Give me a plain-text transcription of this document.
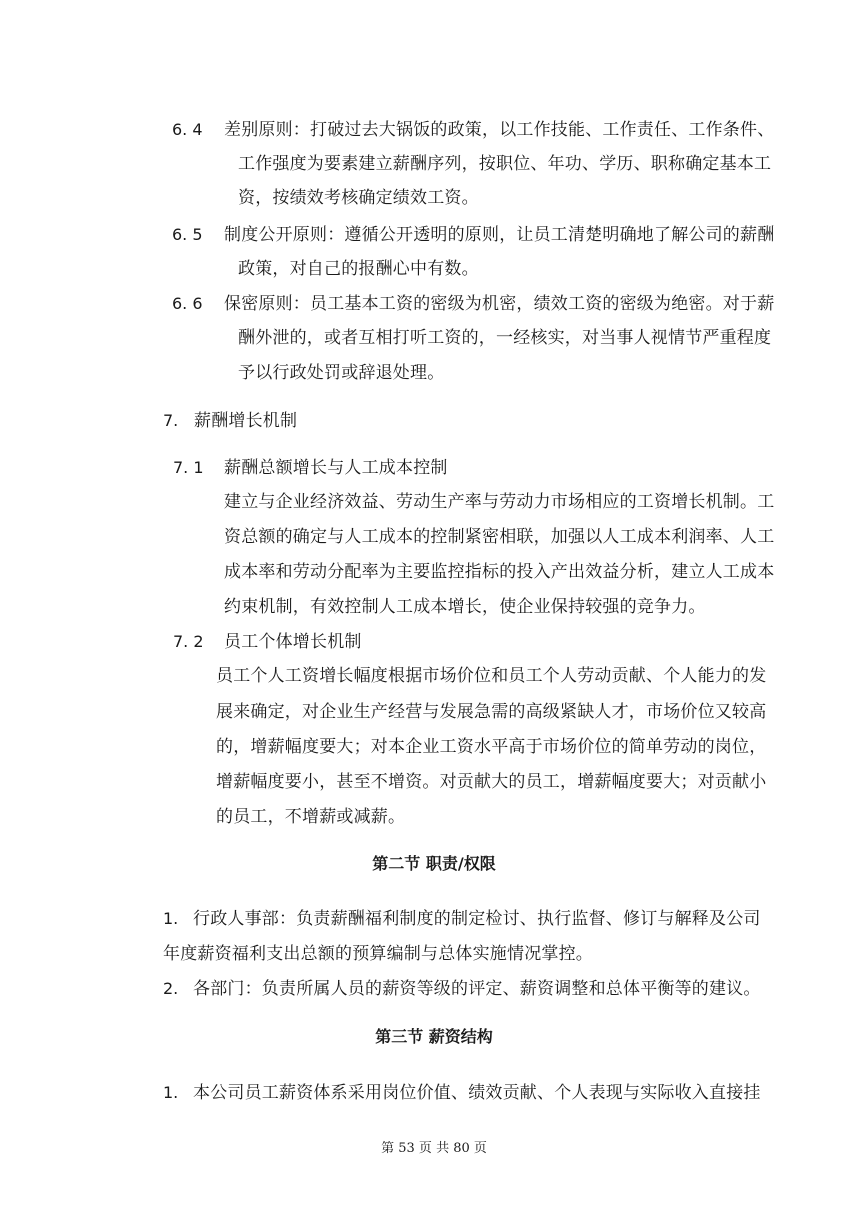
6. 4 差别原则：打破过去大锅饭的政策，以工作技能、工作责任、工作条件、
工作强度为要素建立薪酬序列，按职位、年功、学历、职称确定基本工
资，按绩效考核确定绩效工资。
6. 5 制度公开原则：遵循公开透明的原则，让员工清楚明确地了解公司的薪酬
政策，对自己的报酬心中有数。
6. 6 保密原则：员工基本工资的密级为机密，绩效工资的密级为绝密。对于薪
酬外泄的，或者互相打听工资的，一经核实，对当事人视情节严重程度
予以行政处罚或辞退处理。
7. 薪酬增长机制
7. 1 薪酬总额增长与人工成本控制
建立与企业经济效益、劳动生产率与劳动力市场相应的工资增长机制。工
资总额的确定与人工成本的控制紧密相联，加强以人工成本利润率、人工
成本率和劳动分配率为主要监控指标的投入产出效益分析，建立人工成本
约束机制，有效控制人工成本增长，使企业保持较强的竞争力。
7. 2 员工个体增长机制
员工个人工资增长幅度根据市场价位和员工个人劳动贡献、个人能力的发
展来确定，对企业生产经营与发展急需的高级紧缺人才，市场价位又较高
的，增薪幅度要大；对本企业工资水平高于市场价位的简单劳动的岗位，
增薪幅度要小，甚至不增资。对贡献大的员工，增薪幅度要大；对贡献小
的员工，不增薪或减薪。
第二节 职责/权限
1. 行政人事部：负责薪酬福利制度的制定检讨、执行监督、修订与解释及公司
年度薪资福利支出总额的预算编制与总体实施情况掌控。
2. 各部门：负责所属人员的薪资等级的评定、薪资调整和总体平衡等的建议。
第三节 薪资结构
1. 本公司员工薪资体系采用岗位价值、绩效贡献、个人表现与实际收入直接挂
第 53 页 共 80 页
